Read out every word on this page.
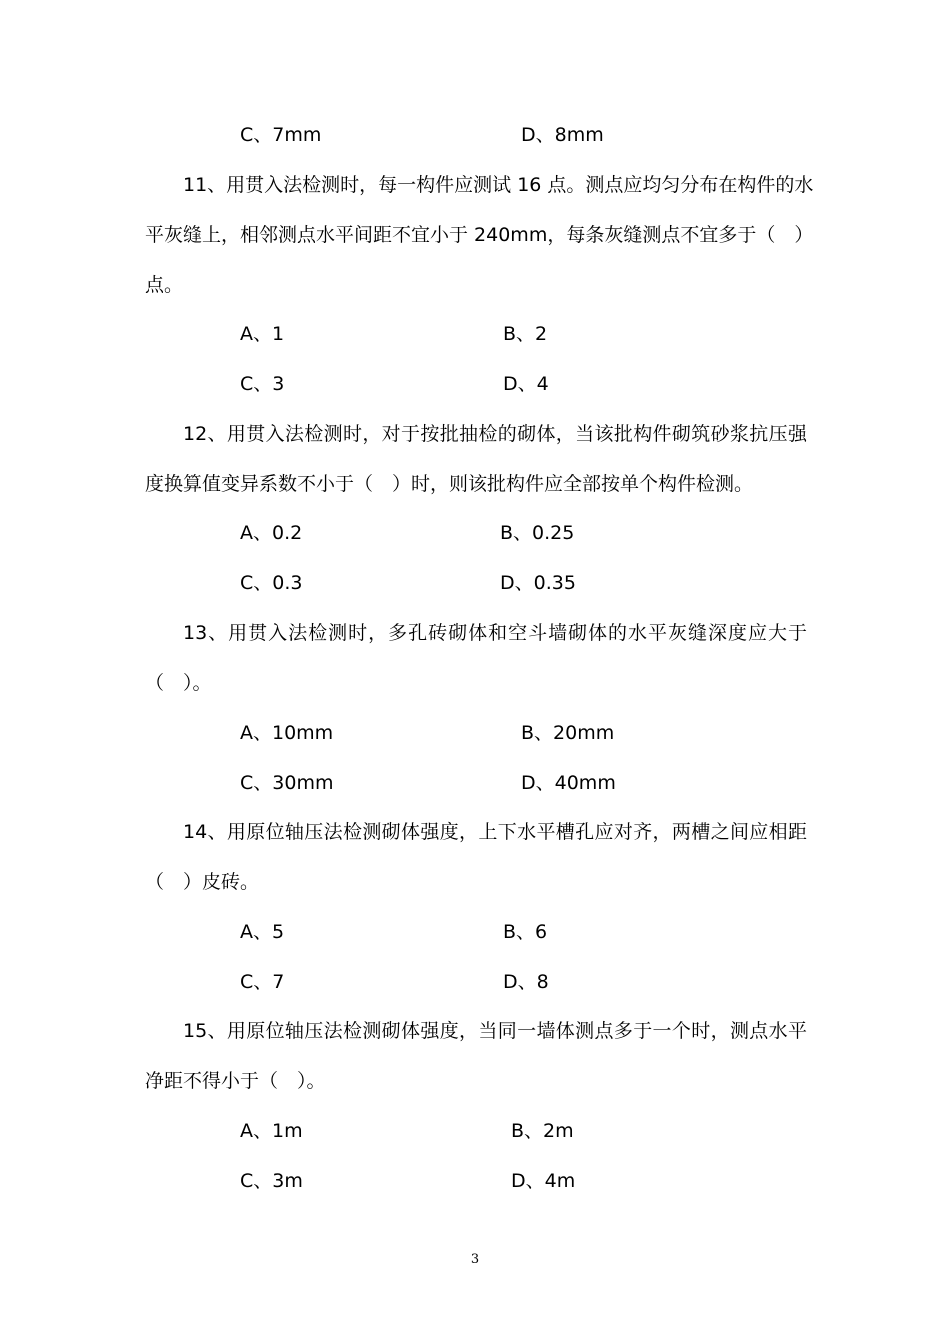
C、7mm	D、8mm
11、用贯入法检测时，每一构件应测试 16 点。测点应均匀分布在构件的水
平灰缝上，相邻测点水平间距不宜小于 240mm，每条灰缝测点不宜多于（　）
点。
A、1	B、2
C、3	D、4
12、用贯入法检测时，对于按批抽检的砌体，当该批构件砌筑砂浆抗压强
度换算值变异系数不小于（　）时，则该批构件应全部按单个构件检测。
A、0.2	B、0.25
C、0.3	D、0.35
13、用贯入法检测时，多孔砖砌体和空斗墙砌体的水平灰缝深度应大于
（　）。
A、10mm	B、20mm
C、30mm	D、40mm
14、用原位轴压法检测砌体强度，上下水平槽孔应对齐，两槽之间应相距
（　）皮砖。
A、5	B、6
C、7	D、8
15、用原位轴压法检测砌体强度，当同一墙体测点多于一个时，测点水平
净距不得小于（　）。
A、1m	B、2m
C、3m	D、4m
3
